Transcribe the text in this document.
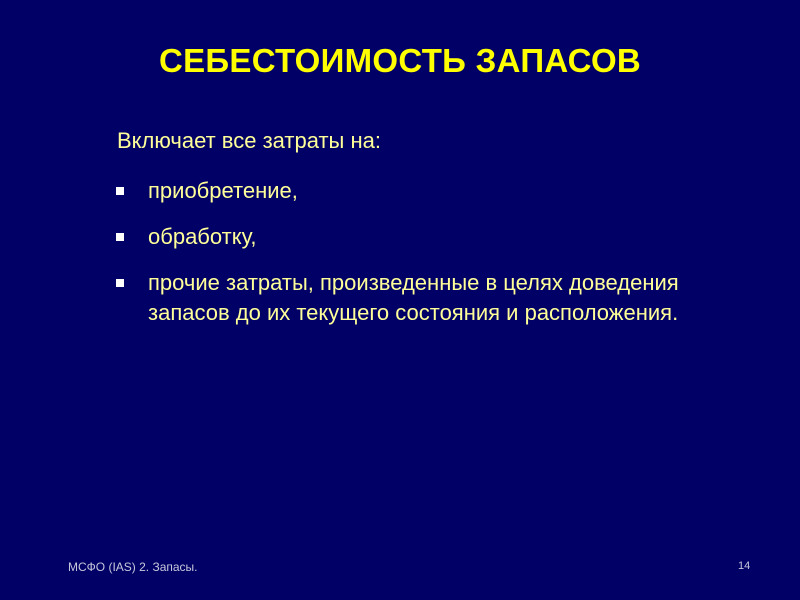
СЕБЕСТОИМОСТЬ ЗАПАСОВ
Включает все затраты на:
приобретение,
обработку,
прочие затраты, произведенные в целях доведения запасов до их текущего состояния и расположения.
МСФО (IAS) 2. Запасы.	14
